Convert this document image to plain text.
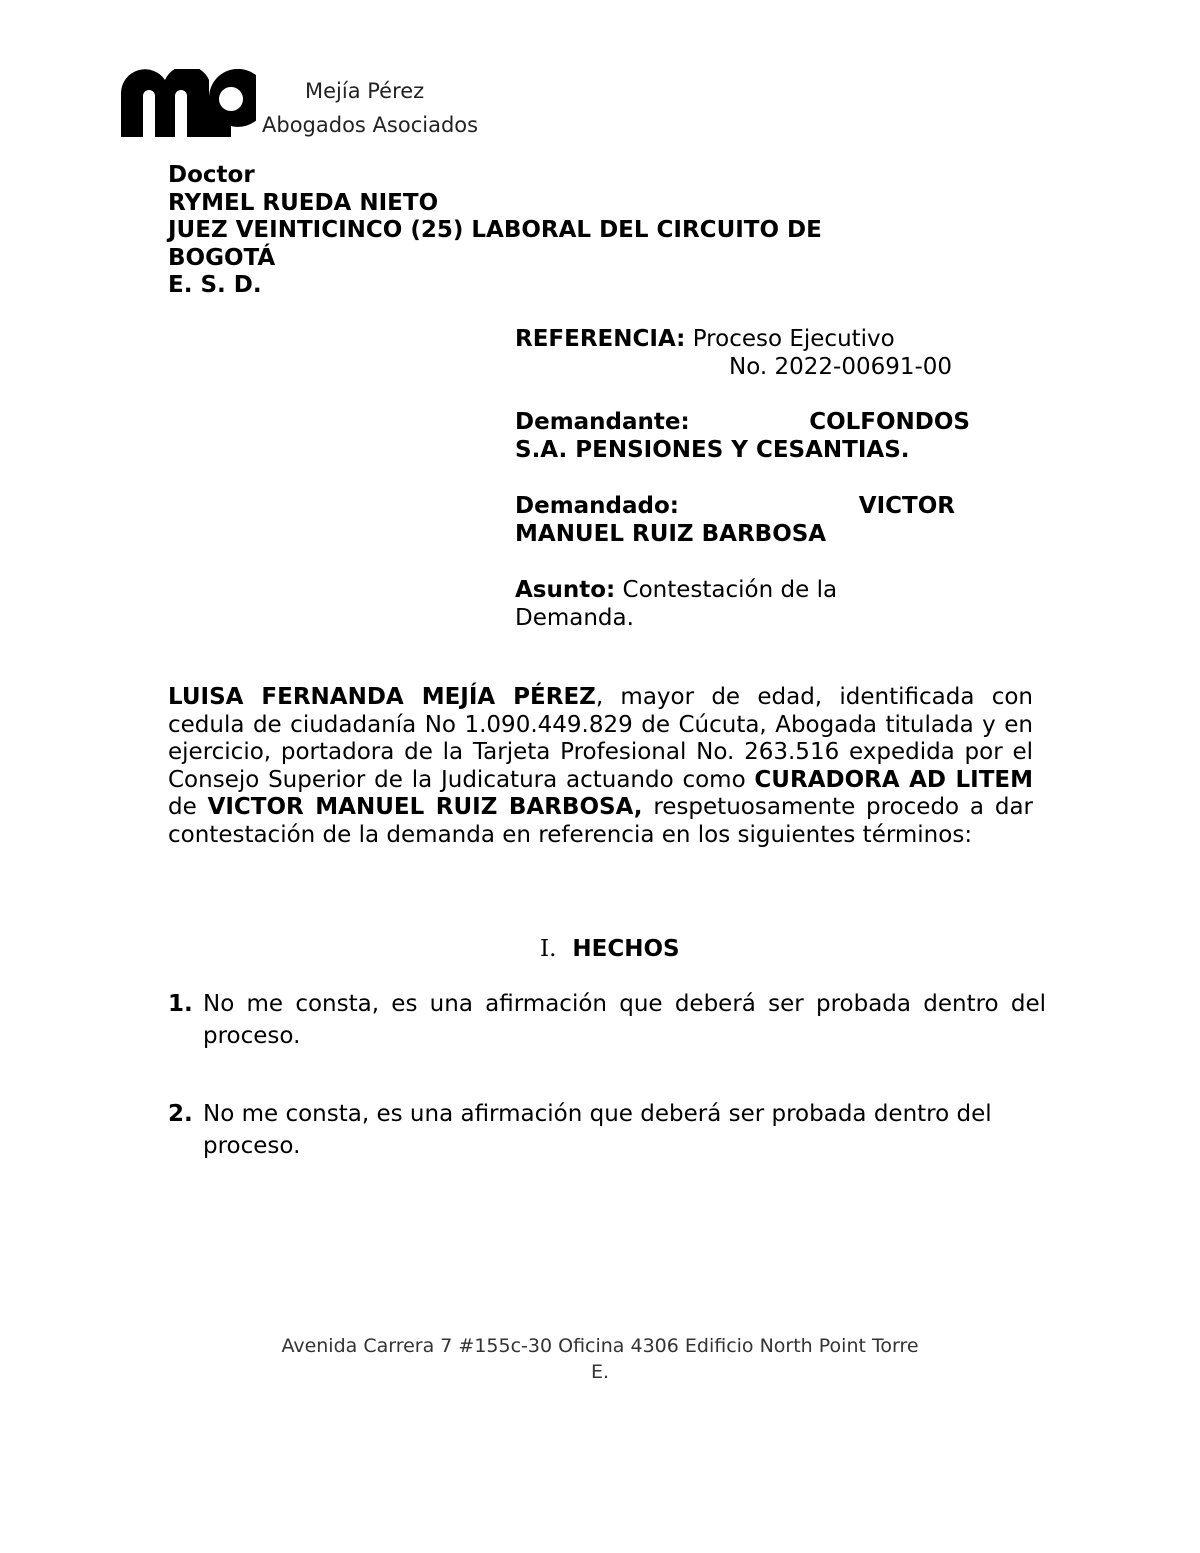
Mejía Pérez
Abogados Asociados
Doctor
RYMEL RUEDA NIETO
JUEZ VEINTICINCO (25) LABORAL DEL CIRCUITO DE
BOGOTÁ
E. S. D.
REFERENCIA: Proceso Ejecutivo
No. 2022-00691-00
Demandante:	COLFONDOS
S.A. PENSIONES Y CESANTIAS.
Demandado:	VICTOR
MANUEL RUIZ BARBOSA
Asunto: Contestación de la
Demanda.
LUISA FERNANDA MEJÍA PÉREZ, mayor de edad, identificada con cedula de ciudadanía No 1.090.449.829 de Cúcuta, Abogada titulada y en ejercicio, portadora de la Tarjeta Profesional No. 263.516 expedida por el Consejo Superior de la Judicatura actuando como CURADORA AD LITEM de VICTOR MANUEL RUIZ BARBOSA, respetuosamente procedo a dar contestación de la demanda en referencia en los siguientes términos:
I. HECHOS
1. No me consta, es una afirmación que deberá ser probada dentro del proceso.
2. No me consta, es una afirmación que deberá ser probada dentro del proceso.
Avenida Carrera 7 #155c-30 Oficina 4306 Edificio North Point Torre
E.
